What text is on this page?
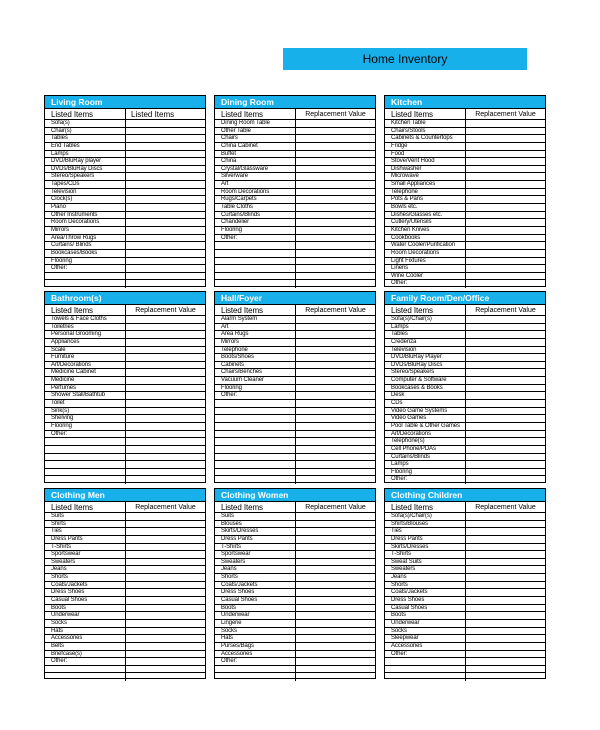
Home Inventory
Living Room
Listed Items	Listed Items
Sofa(s)
Chair(s)
Tables
End Tables
Lamps
DVD/BluRay player
DVDs/BluRay Discs
Stereo/Speakers
Tapes/CDs
Television
Clock(s)
Piano
Other Instruments
Room Decorations
Mirrors
Area/Throw Rugs
Curtains/ Blinds
Bookcases/Books
Flooring
Other:
Dining Room
Listed Items	Replacement Value
Dining Room Table
Other Table
Chairs
China Cabinet
Buffet
China
Crystal/Glassware
Silverware
Art
Room Decorations
Rugs/Carpets
Table Cloths
Curtains/Blinds
Chandelier
Flooring
Other:
Kitchen
Listed Items	Replacement Value
Kitchen Table
Chairs/Stools
Cabinets & Countertops
Fridge
Food
Stove/Vent Hood
Dishwasher
Microwave
Small Appliances
Telephone
Pots & Pans
Bowls etc.
Dishes/Glasses etc.
Cutlery/Utensils
Kitchen Knives
Cookbooks
Water Cooler/Purification
Room Decorations
Light Fixtures
Linens
Wine Cooler
Other:
Bathroom(s)
Listed Items	Replacement Value
Towels & Face Cloths
Toiletries
Personal Grooming
Appliances
Scale
Furniture
Art/Decorations
Medicine Cabinet
Medicine
Perfumes
Shower Stall/Bathtub
Toilet
Sink(s)
Shelving
Flooring
Other:
Hall/Foyer
Listed Items	Replacement Value
Alarm System
Art
Area Rugs
Mirrors
Telephone
Boots/Shoes
Cabinets
Chairs/Benches
Vacuum Cleaner
Flooring
Other:
Family Room/Den/Office
Listed Items	Replacement Value
Sofa(s)/Chair(s)
Lamps
Tables
Credenza
Television
DVD/BluRay Player
DVDs/BluRay Discs
Stereo/Speakers
Computer & Software
Bookcases & Books
Desk
CDs
Video Game Systems
Video Games
Pool Table & Other Games
Art/Decorations
Telephone(s)
Cell Phone/PDAs
Curtains/Blinds
Lamps
Flooring
Other:
Clothing Men
Listed Items	Replacement Value
Suits
Shirts
Ties
Dress Pants
T-Shirts
Sportswear
Sweaters
Jeans
Shorts
Coats/Jackets
Dress Shoes
Casual Shoes
Boots
Underwear
Socks
Hats
Accessories
Belts
Briefcase(s)
Other:
Clothing Women
Listed Items	Replacement Value
Suits
Blouses
Skirts/Dresses
Dress Pants
T-Shirts
Sportswear
Sweaters
Jeans
Shorts
Coats/Jackets
Dress Shoes
Casual Shoes
Boots
Underwear
Lingerie
Socks
Hats
Purses/Bags
Accessories
Other:
Clothing Children
Listed Items	Replacement Value
Sofa(s)/Chair(s)
Shirts/Blouses
Ties
Dress Pants
Skirts/Dresses
T-Shirts
Sweat Suits
Sweaters
Jeans
Shorts
Coats/Jackets
Dress Shoes
Casual Shoes
Boots
Underwear
Socks
Sleepwear
Accessories
Other:
